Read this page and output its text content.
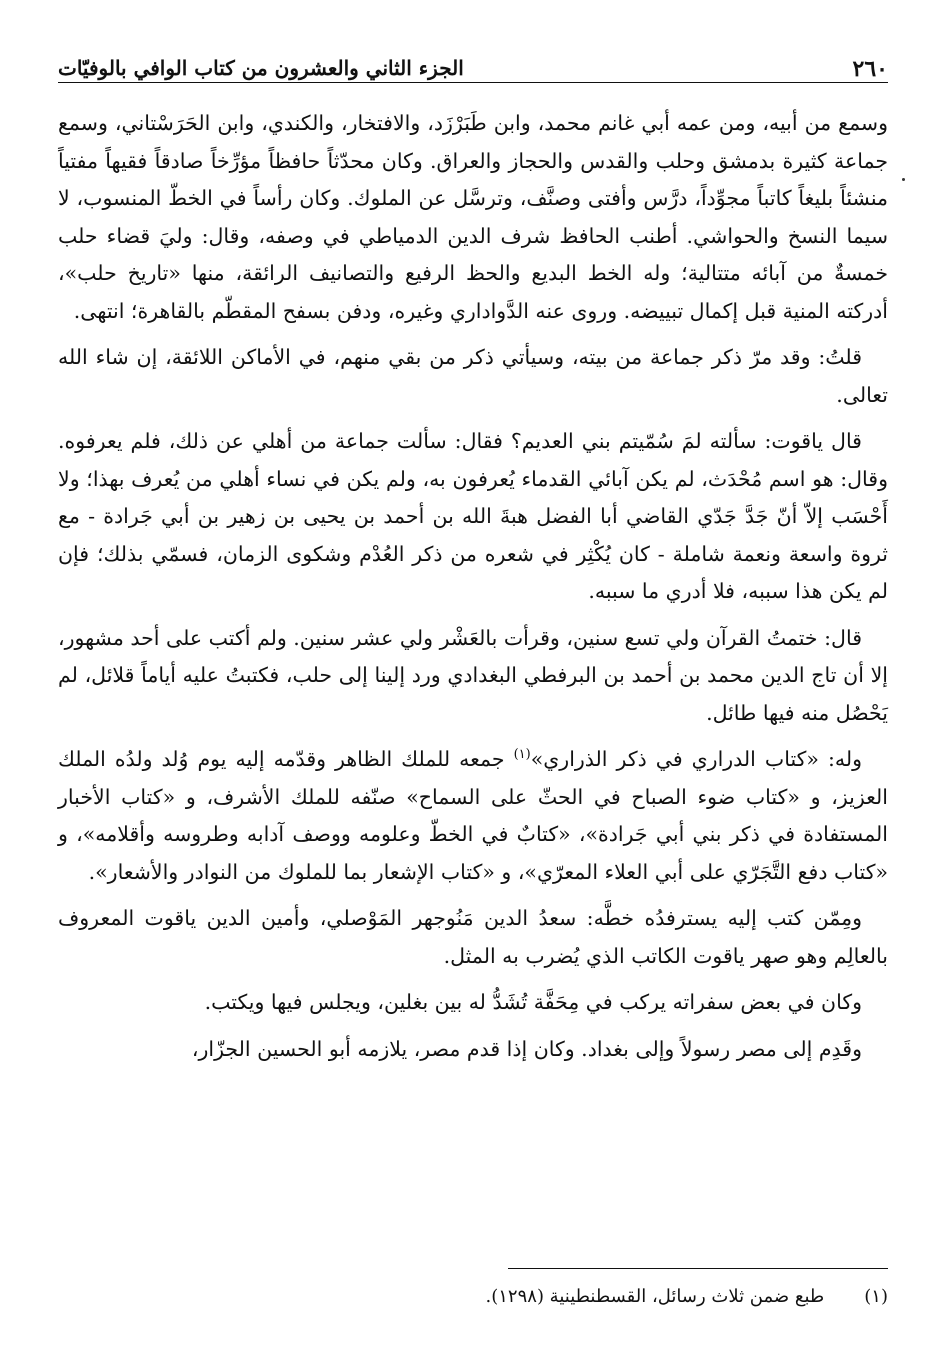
٢٦٠
الجزء الثاني والعشرون من كتاب الوافي بالوفيّات

وسمع من أبيه، ومن عمه أبي غانم محمد، وابن طَبَرْزَد، والافتخار، والكندي، وابن الحَرَسْتاني، وسمع جماعة كثيرة بدمشق وحلب والقدس والحجاز والعراق. وكان محدّثاً حافظاً مؤرِّخاً صادقاً فقيهاً مفتياً منشئاً بليغاً كاتباً مجوِّداً، درَّس وأفتى وصنَّف، وترسَّل عن الملوك. وكان رأساً في الخطّ المنسوب، لا سيما النسخ والحواشي. أطنب الحافظ شرف الدين الدمياطي في وصفه، وقال: وليَ قضاء حلب خمسةٌ من آبائه متتالية؛ وله الخط البديع والحظ الرفيع والتصانيف الرائقة، منها «تاريخ حلب»، أدركته المنية قبل إكمال تبييضه. وروى عنه الدَّواداري وغيره، ودفن بسفح المقطّم بالقاهرة؛ انتهى.

قلتُ: وقد مرّ ذكر جماعة من بيته، وسيأتي ذكر من بقي منهم، في الأماكن اللائقة، إن شاء الله تعالى.

قال ياقوت: سألته لمَ سُمّيتم بني العديم؟ فقال: سألت جماعة من أهلي عن ذلك، فلم يعرفوه. وقال: هو اسم مُحْدَث، لم يكن آبائي القدماء يُعرفون به، ولم يكن في نساء أهلي من يُعرف بهذا؛ ولا أَحْسَب إلاّ أنّ جَدَّ جَدّي القاضي أبا الفضل هبةَ الله بن أحمد بن يحيى بن زهير بن أبي جَرادة - مع ثروة واسعة ونعمة شاملة - كان يُكْثِر في شعره من ذكر العُدْم وشكوى الزمان، فسمّي بذلك؛ فإن لم يكن هذا سببه، فلا أدري ما سببه.

قال: ختمتُ القرآن ولي تسع سنين، وقرأت بالعَشْر ولي عشر سنين. ولم أكتب على أحد مشهور، إلا أن تاج الدين محمد بن أحمد بن البرفطي البغدادي ورد إلينا إلى حلب، فكتبتُ عليه أياماً قلائل، لم يَحْصُل منه فيها طائل.

وله: «كتاب الدراري في ذكر الذراري»$^{(١)}$ جمعه للملك الظاهر وقدّمه إليه يوم وُلد ولدُه الملك العزيز، و «كتاب ضوء الصباح في الحثّ على السماح» صنّفه للملك الأشرف، و «كتاب الأخبار المستفادة في ذكر بني أبي جَرادة»، «كتابٌ في الخطّ وعلومه ووصف آدابه وطروسه وأقلامه»، و «كتاب دفع التَّجَرّي على أبي العلاء المعرّي»، و «كتاب الإشعار بما للملوك من النوادر والأشعار».

ومِمّن كتب إليه يسترفدُه خطَّه: سعدُ الدين مَنُوجهر المَوْصلي، وأمين الدين ياقوت المعروف بالعالِم وهو صهر ياقوت الكاتب الذي يُضرب به المثل.

وكان في بعض سفراته يركب في مِحَفَّة تُشَدُّ له بين بغلين، ويجلس فيها ويكتب.

وقَدِم إلى مصر رسولاً وإلى بغداد. وكان إذا قدم مصر، يلازمه أبو الحسين الجزّار،

(١) طبع ضمن ثلاث رسائل، القسطنطينية (١٢٩٨).
